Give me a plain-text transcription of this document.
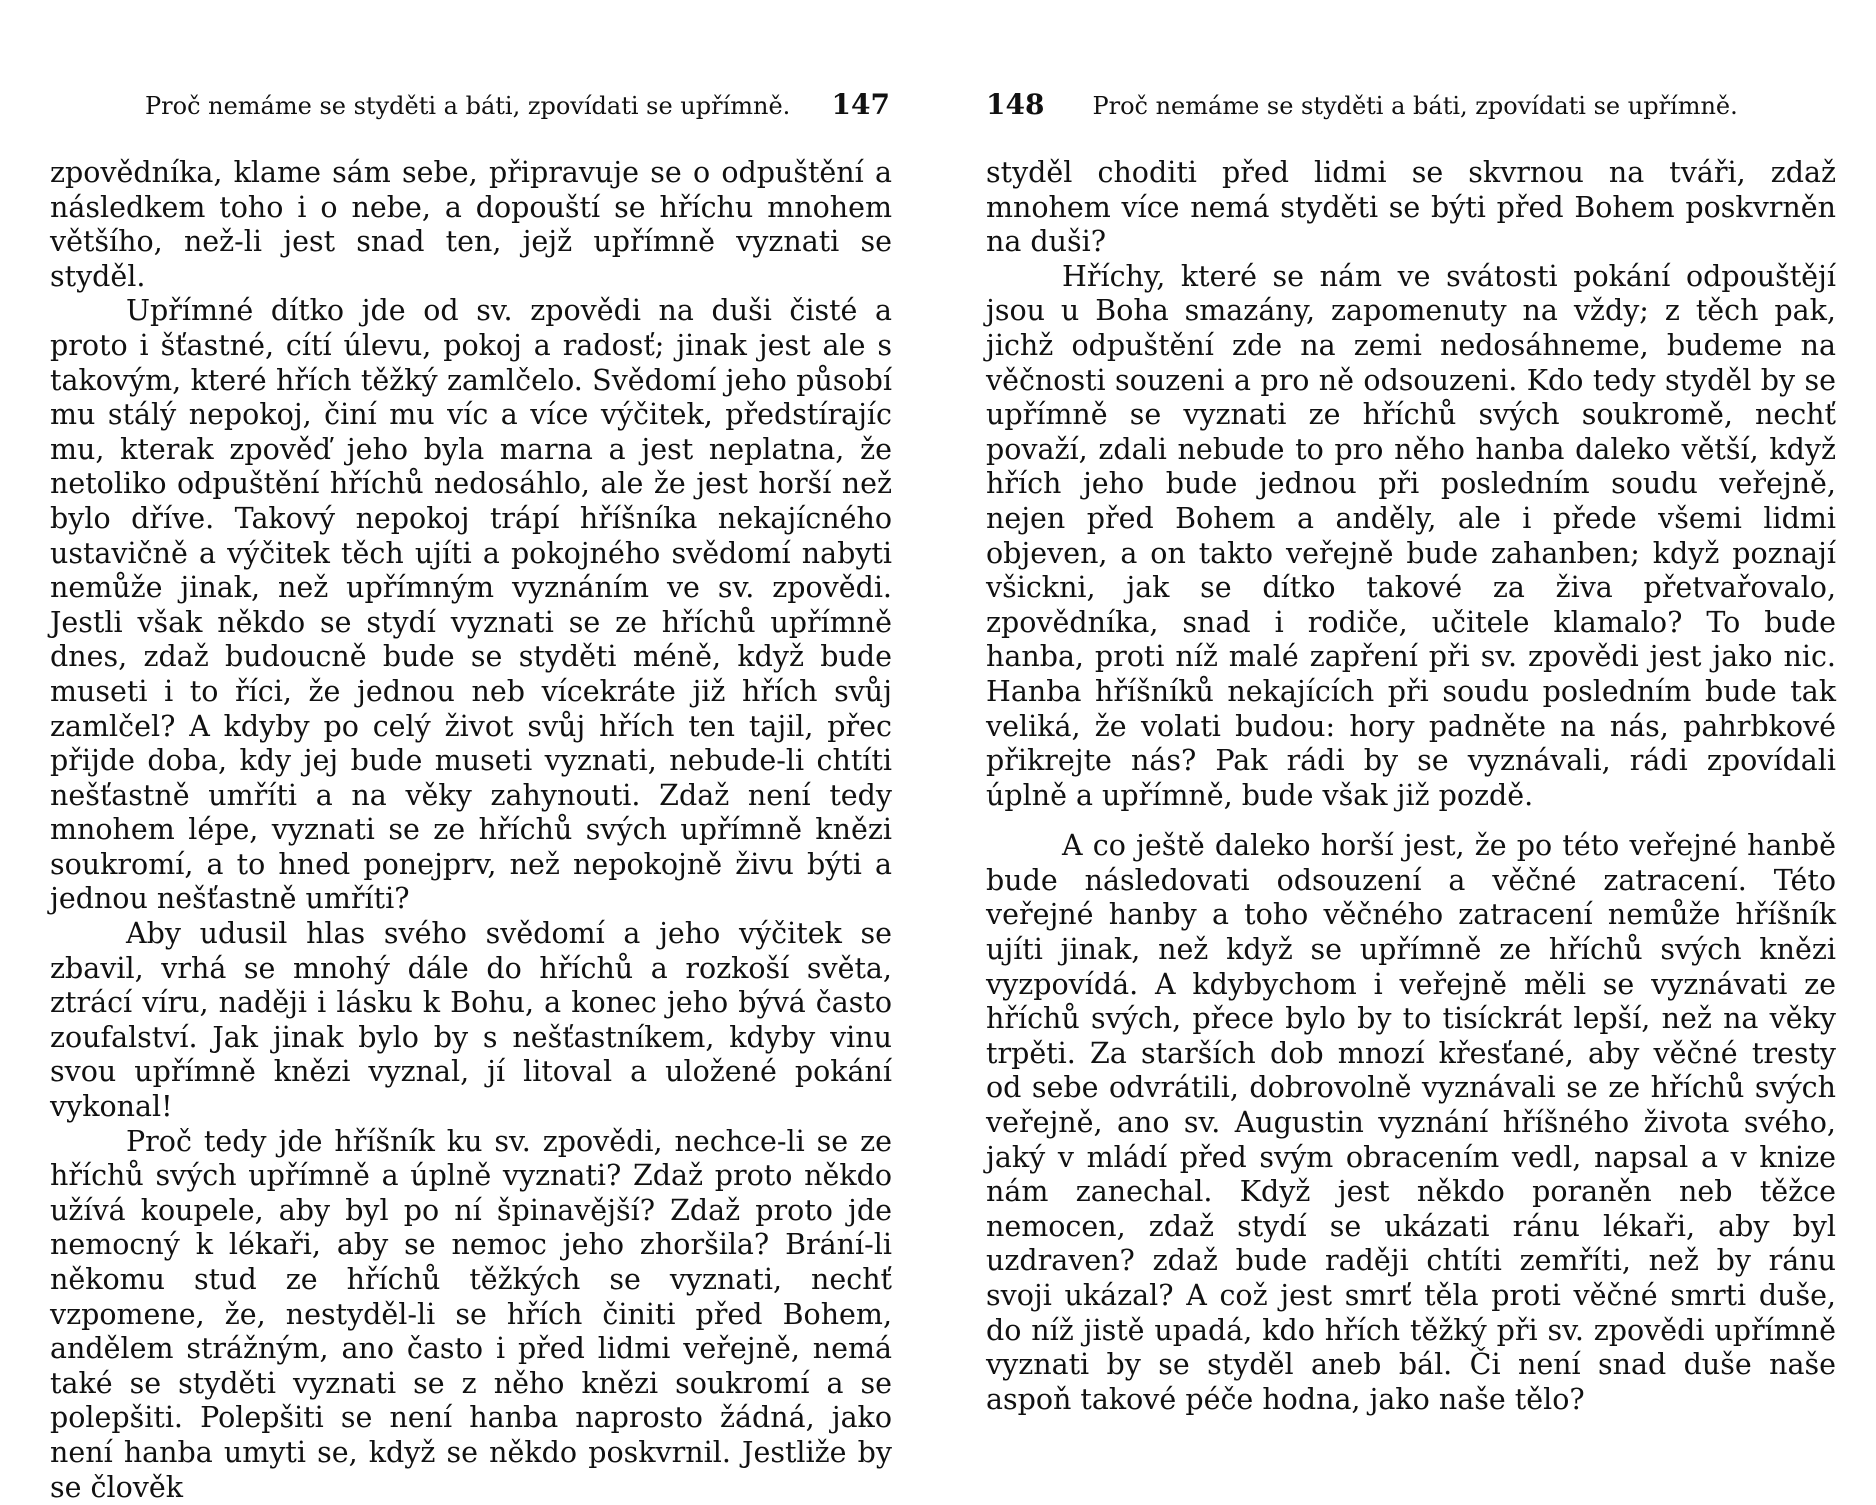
Proč nemáme se styděti a báti, zpovídati se upřímně. 147

zpovědníka, klame sám sebe, připravuje se o odpuštění a následkem toho i o nebe, a dopouští se hříchu mnohem většího, než-li jest snad ten, jejž upřímně vyznati se styděl.

Upřímné dítko jde od sv. zpovědi na duši čisté a proto i šťastné, cítí úlevu, pokoj a radosť; jinak jest ale s takovým, které hřích těžký zamlčelo. Svědomí jeho působí mu stálý nepokoj, činí mu víc a více výčitek, předstírajíc mu, kterak zpověď jeho byla marna a jest neplatna, že netoliko odpuštění hříchů nedosáhlo, ale že jest horší než bylo dříve. Takový nepokoj trápí hříšníka nekajícného ustavičně a výčitek těch ujíti a pokojného svědomí nabyti nemůže jinak, než upřímným vyznáním ve sv. zpovědi. Jestli však někdo se stydí vyznati se ze hříchů upřímně dnes, zdaž budoucně bude se styděti méně, když bude museti i to říci, že jednou neb vícekráte již hřích svůj zamlčel? A kdyby po celý život svůj hřích ten tajil, přec přijde doba, kdy jej bude museti vyznati, nebude-li chtíti nešťastně umříti a na věky zahynouti. Zdaž není tedy mnohem lépe, vyznati se ze hříchů svých upřímně knězi soukromí, a to hned ponejprv, než nepokojně živu býti a jednou nešťastně umříti?

Aby udusil hlas svého svědomí a jeho výčitek se zbavil, vrhá se mnohý dále do hříchů a rozkoší světa, ztrácí víru, naději i lásku k Bohu, a konec jeho bývá často zoufalství. Jak jinak bylo by s nešťastníkem, kdyby vinu svou upřímně knězi vyznal, jí litoval a uložené pokání vykonal!

Proč tedy jde hříšník ku sv. zpovědi, nechce-li se ze hříchů svých upřímně a úplně vyznati? Zdaž proto někdo užívá koupele, aby byl po ní špinavější? Zdaž proto jde nemocný k lékaři, aby se nemoc jeho zhoršila? Brání-li někomu stud ze hříchů těžkých se vyznati, nechť vzpomene, že, nestyděl-li se hřích činiti před Bohem, andělem strážným, ano často i před lidmi veřejně, nemá také se styděti vyznati se z něho knězi soukromí a se polepšiti. Polepšiti se není hanba naprosto žádná, jako není hanba umyti se, když se někdo poskvrnil. Jestliže by se člověk

148 Proč nemáme se styděti a báti, zpovídati se upřímně.

styděl choditi před lidmi se skvrnou na tváři, zdaž mnohem více nemá styděti se býti před Bohem poskvrněn na duši?

Hříchy, které se nám ve svátosti pokání odpouštějí jsou u Boha smazány, zapomenuty na vždy; z těch pak, jichž odpuštění zde na zemi nedosáhneme, budeme na věčnosti souzeni a pro ně odsouzeni. Kdo tedy styděl by se upřímně se vyznati ze hříchů svých soukromě, nechť považí, zdali nebude to pro něho hanba daleko větší, když hřích jeho bude jednou při posledním soudu veřejně, nejen před Bohem a anděly, ale i přede všemi lidmi objeven, a on takto veřejně bude zahanben; když poznají všickni, jak se dítko takové za živa přetvařovalo, zpovědníka, snad i rodiče, učitele klamalo? To bude hanba, proti níž malé zapření při sv. zpovědi jest jako nic. Hanba hříšníků nekajících při soudu posledním bude tak veliká, že volati budou: hory padněte na nás, pahrbkové přikrejte nás? Pak rádi by se vyznávali, rádi zpovídali úplně a upřímně, bude však již pozdě.

A co ještě daleko horší jest, že po této veřejné hanbě bude následovati odsouzení a věčné zatracení. Této veřejné hanby a toho věčného zatracení nemůže hříšník ujíti jinak, než když se upřímně ze hříchů svých knězi vyzpovídá. A kdybychom i veřejně měli se vyznávati ze hříchů svých, přece bylo by to tisíckrát lepší, než na věky trpěti. Za starších dob mnozí křesťané, aby věčné tresty od sebe odvrátili, dobrovolně vyznávali se ze hříchů svých veřejně, ano sv. Augustin vyznání hříšného života svého, jaký v mládí před svým obracením vedl, napsal a v knize nám zanechal. Když jest někdo poraněn neb těžce nemocen, zdaž stydí se ukázati ránu lékaři, aby byl uzdraven? zdaž bude raději chtíti zemříti, než by ránu svoji ukázal? A což jest smrť těla proti věčné smrti duše, do níž jistě upadá, kdo hřích těžký při sv. zpovědi upřímně vyznati by se styděl aneb bál. Či není snad duše naše aspoň takové péče hodna, jako naše tělo?
